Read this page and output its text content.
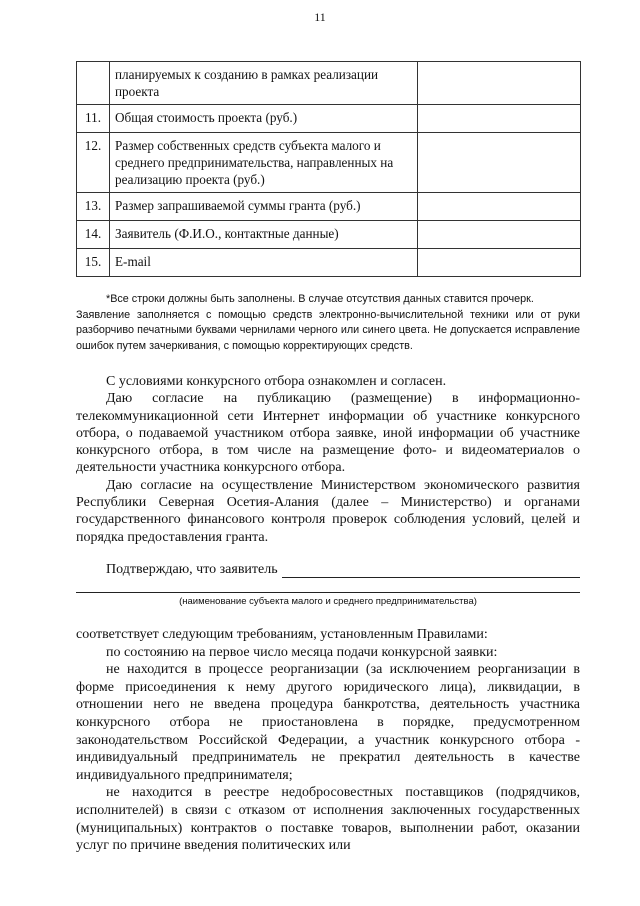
11
	планируемых к созданию в рамках реализации проекта	

11.	Общая стоимость проекта (руб.)	

12.	Размер собственных средств субъекта малого и среднего предпринимательства, направленных на реализацию проекта (руб.)	

13.	Размер запрашиваемой суммы гранта (руб.)	

14.	Заявитель (Ф.И.О., контактные данные)	

15.	E-mail	

*Все строки должны быть заполнены. В случае отсутствия данных ставится прочерк.

Заявление заполняется с помощью средств электронно-вычислительной техники или от руки разборчиво печатными буквами чернилами черного или синего цвета. Не допускается исправление ошибок путем зачеркивания, с помощью корректирующих средств.

С условиями конкурсного отбора ознакомлен и согласен.

Даю согласие на публикацию (размещение) в информационно-телекоммуникационной сети Интернет информации об участнике конкурсного отбора, о подаваемой участником отбора заявке, иной информации об участнике конкурсного отбора, в том числе на размещение фото- и видеоматериалов о деятельности участника конкурсного отбора.

Даю согласие на осуществление Министерством экономического развития Республики Северная Осетия-Алания (далее – Министерство) и органами государственного финансового контроля проверок соблюдения условий, целей и порядка предоставления гранта.

Подтверждаю, что заявитель
(наименование субъекта малого и среднего предпринимательства)

соответствует следующим требованиям, установленным Правилами:

по состоянию на первое число месяца подачи конкурсной заявки:

не находится в процессе реорганизации (за исключением реорганизации в форме присоединения к нему другого юридического лица), ликвидации, в отношении него не введена процедура банкротства, деятельность участника конкурсного отбора не приостановлена в порядке, предусмотренном законодательством Российской Федерации, а участник конкурсного отбора - индивидуальный предприниматель не прекратил деятельность в качестве индивидуального предпринимателя;

не находится в реестре недобросовестных поставщиков (подрядчиков, исполнителей) в связи с отказом от исполнения заключенных государственных (муниципальных) контрактов о поставке товаров, выполнении работ, оказании услуг по причине введения политических или
